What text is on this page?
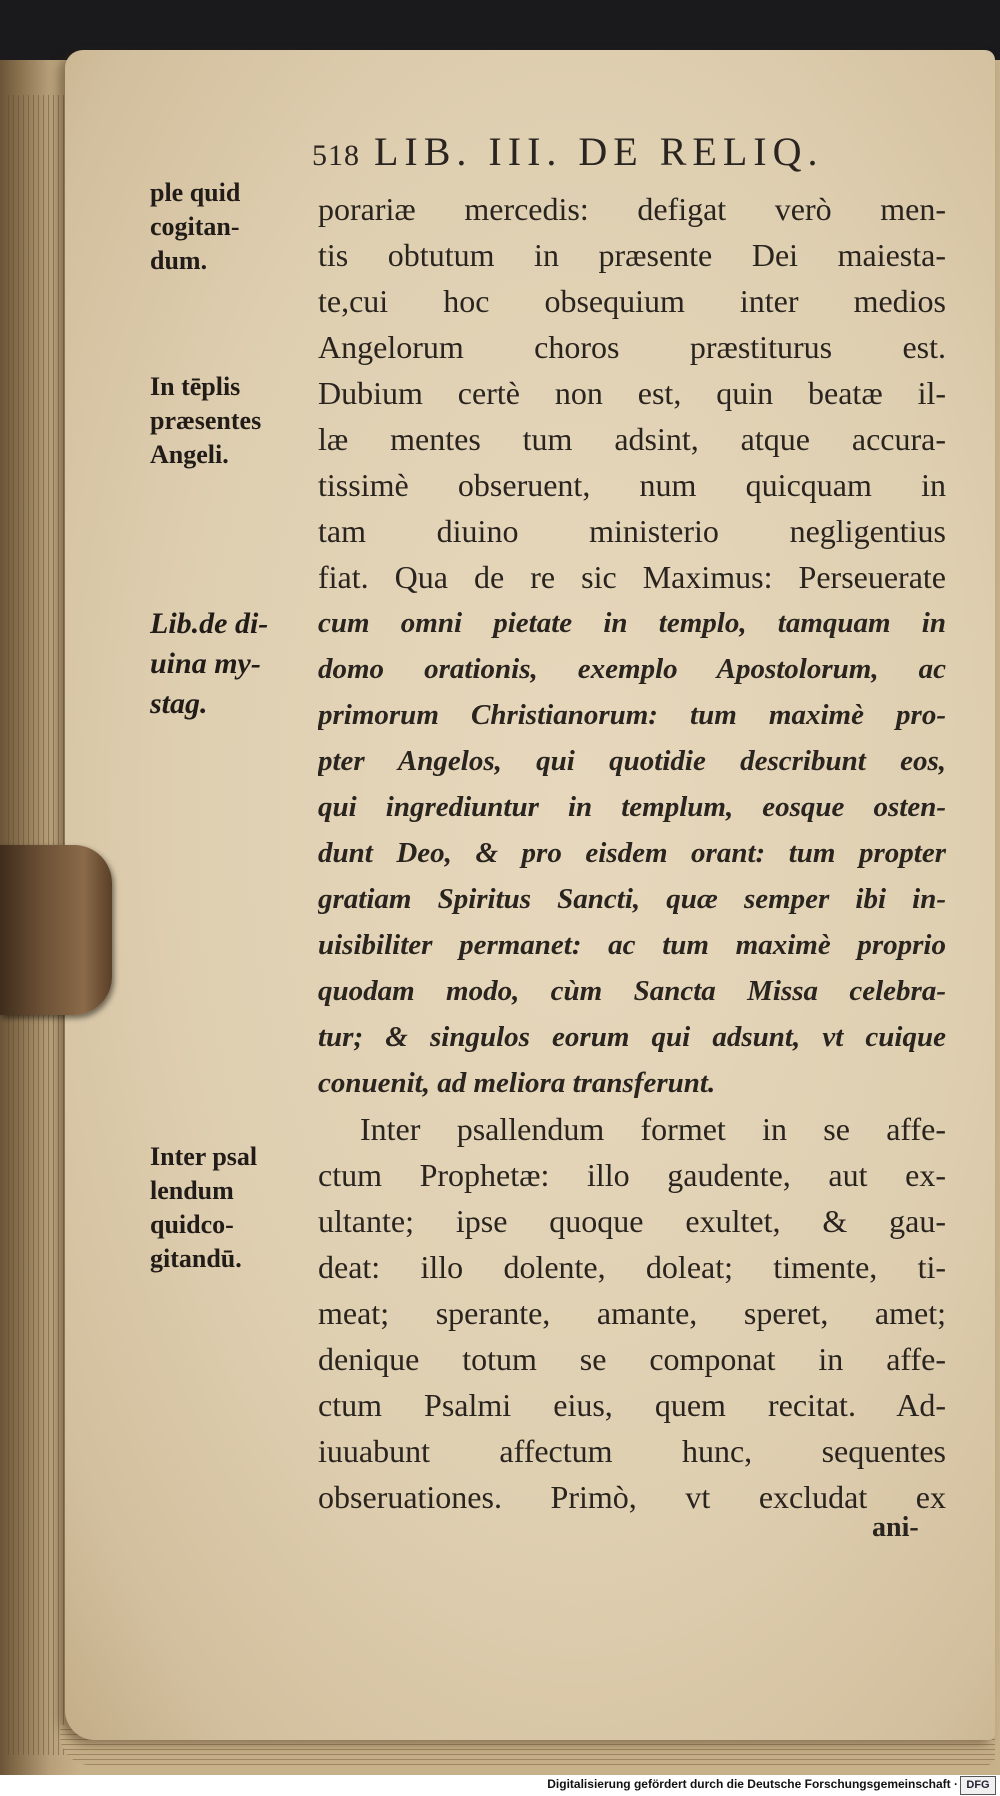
518 LIB. III. DE RELIQ.
ple quid
cogitan-
dum.
In tēplis
præsentes
Angeli.
Lib.de di-
uina my-
stag.
Inter psal
lendum
quidco-
gitandū.
porariæ mercedis: defigat verò men-
tis obtutum in præsente Dei maiesta-
te,cui hoc obsequium inter medios
Angelorum choros præstiturus est.
Dubium certè non est, quin beatæ il-
læ mentes tum adsint, atque accura-
tissimè obseruent, num quicquam in
tam diuino ministerio negligentius
fiat. Qua de re sic Maximus: Perseuerate
cum omni pietate in templo, tamquam in
domo orationis, exemplo Apostolorum, ac
primorum Christianorum: tum maximè pro-
pter Angelos, qui quotidie describunt eos,
qui ingrediuntur in templum, eosque osten-
dunt Deo, & pro eisdem orant: tum propter
gratiam Spiritus Sancti, quæ semper ibi in-
uisibiliter permanet: ac tum maximè proprio
quodam modo, cùm Sancta Missa celebra-
tur; & singulos eorum qui adsunt, vt cuique
conuenit, ad meliora transferunt.
Inter psallendum formet in se affe-
ctum Prophetæ: illo gaudente, aut ex-
ultante; ipse quoque exultet, & gau-
deat: illo dolente, doleat; timente, ti-
meat; sperante, amante, speret, amet;
denique totum se componat in affe-
ctum Psalmi eius, quem recitat. Ad-
iuuabunt affectum hunc, sequentes
obseruationes. Primò, vt excludat ex
ani-
Digitalisierung gefördert durch die Deutsche Forschungsgemeinschaft · DFG
